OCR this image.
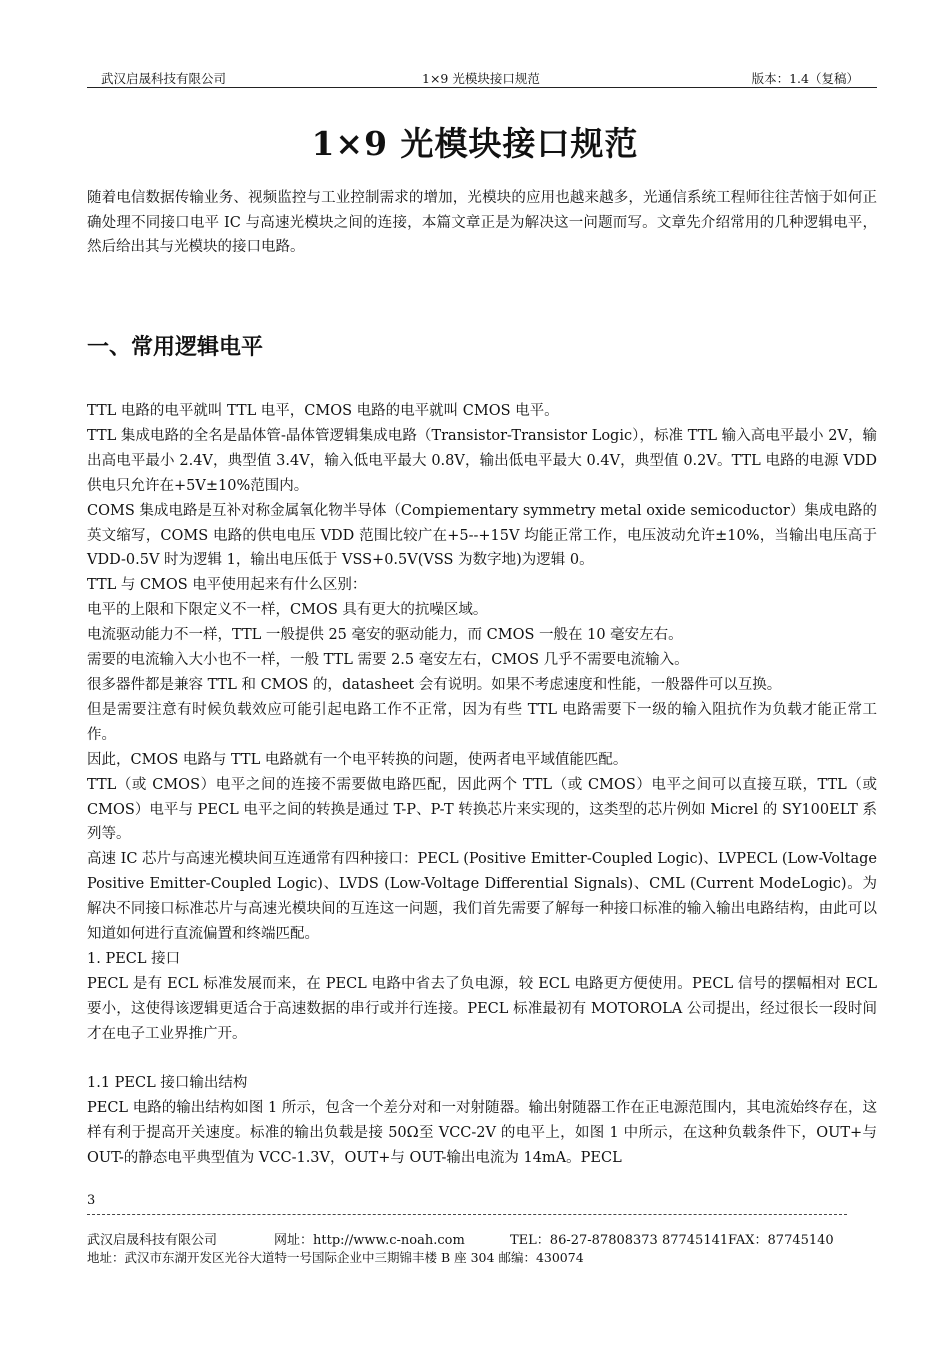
武汉启晟科技有限公司	1×9 光模块接口规范	版本：1.4（复稿）
1×9 光模块接口规范
随着电信数据传输业务、视频监控与工业控制需求的增加，光模块的应用也越来越多，光通信系统工程师往往苦恼于如何正确处理不同接口电平 IC 与高速光模块之间的连接，本篇文章正是为解决这一问题而写。文章先介绍常用的几种逻辑电平，然后给出其与光模块的接口电路。
一、常用逻辑电平

TTL 电路的电平就叫 TTL 电平，CMOS 电路的电平就叫 CMOS 电平。

TTL 集成电路的全名是晶体管-晶体管逻辑集成电路（Transistor-Transistor Logic），标准 TTL 输入高电平最小 2V，输出高电平最小 2.4V，典型值 3.4V，输入低电平最大 0.8V，输出低电平最大 0.4V，典型值 0.2V。TTL 电路的电源 VDD 供电只允许在+5V±10%范围内。

COMS 集成电路是互补对称金属氧化物半导体（Compiementary symmetry metal oxide semicoductor）集成电路的英文缩写，COMS 电路的供电电压 VDD 范围比较广在+5--+15V 均能正常工作，电压波动允许±10%，当输出电压高于 VDD-0.5V 时为逻辑 1，输出电压低于 VSS+0.5V(VSS 为数字地)为逻辑 0。

TTL 与 CMOS 电平使用起来有什么区别：

电平的上限和下限定义不一样，CMOS 具有更大的抗噪区域。

电流驱动能力不一样，TTL 一般提供 25 毫安的驱动能力，而 CMOS 一般在 10 毫安左右。

需要的电流输入大小也不一样，一般 TTL 需要 2.5 毫安左右，CMOS 几乎不需要电流输入。

很多器件都是兼容 TTL 和 CMOS 的，datasheet 会有说明。如果不考虑速度和性能，一般器件可以互换。

但是需要注意有时候负载效应可能引起电路工作不正常，因为有些 TTL 电路需要下一级的输入阻抗作为负载才能正常工作。

因此，CMOS 电路与 TTL 电路就有一个电平转换的问题，使两者电平域值能匹配。

TTL（或 CMOS）电平之间的连接不需要做电路匹配，因此两个 TTL（或 CMOS）电平之间可以直接互联，TTL（或 CMOS）电平与 PECL 电平之间的转换是通过 T-P、P-T 转换芯片来实现的，这类型的芯片例如 Micrel 的 SY100ELT 系列等。

高速 IC 芯片与高速光模块间互连通常有四种接口：PECL (Positive Emitter-Coupled Logic)、LVPECL (Low-Voltage Positive Emitter-Coupled Logic)、LVDS (Low-Voltage Differential Signals)、CML (Current ModeLogic)。为解决不同接口标准芯片与高速光模块间的互连这一问题，我们首先需要了解每一种接口标准的输入输出电路结构，由此可以知道如何进行直流偏置和终端匹配。

1. PECL 接口

PECL 是有 ECL 标准发展而来，在 PECL 电路中省去了负电源，较 ECL 电路更方便使用。PECL 信号的摆幅相对 ECL 要小，这使得该逻辑更适合于高速数据的串行或并行连接。PECL 标准最初有 MOTOROLA 公司提出，经过很长一段时间才在电子工业界推广开。

1.1 PECL 接口输出结构

PECL 电路的输出结构如图 1 所示，包含一个差分对和一对射随器。输出射随器工作在正电源范围内，其电流始终存在，这样有利于提高开关速度。标准的输出负载是接 50Ω至 VCC-2V 的电平上，如图 1 中所示，在这种负载条件下，OUT+与 OUT-的静态电平典型值为 VCC-1.3V，OUT+与 OUT-输出电流为 14mA。PECL

3
武汉启晟科技有限公司	网址：http://www.c-noah.com	TEL：86-27-87808373 87745141 FAX：87745140
地址：武汉市东湖开发区光谷大道特一号国际企业中三期锦丰楼 B 座 304 邮编：430074
